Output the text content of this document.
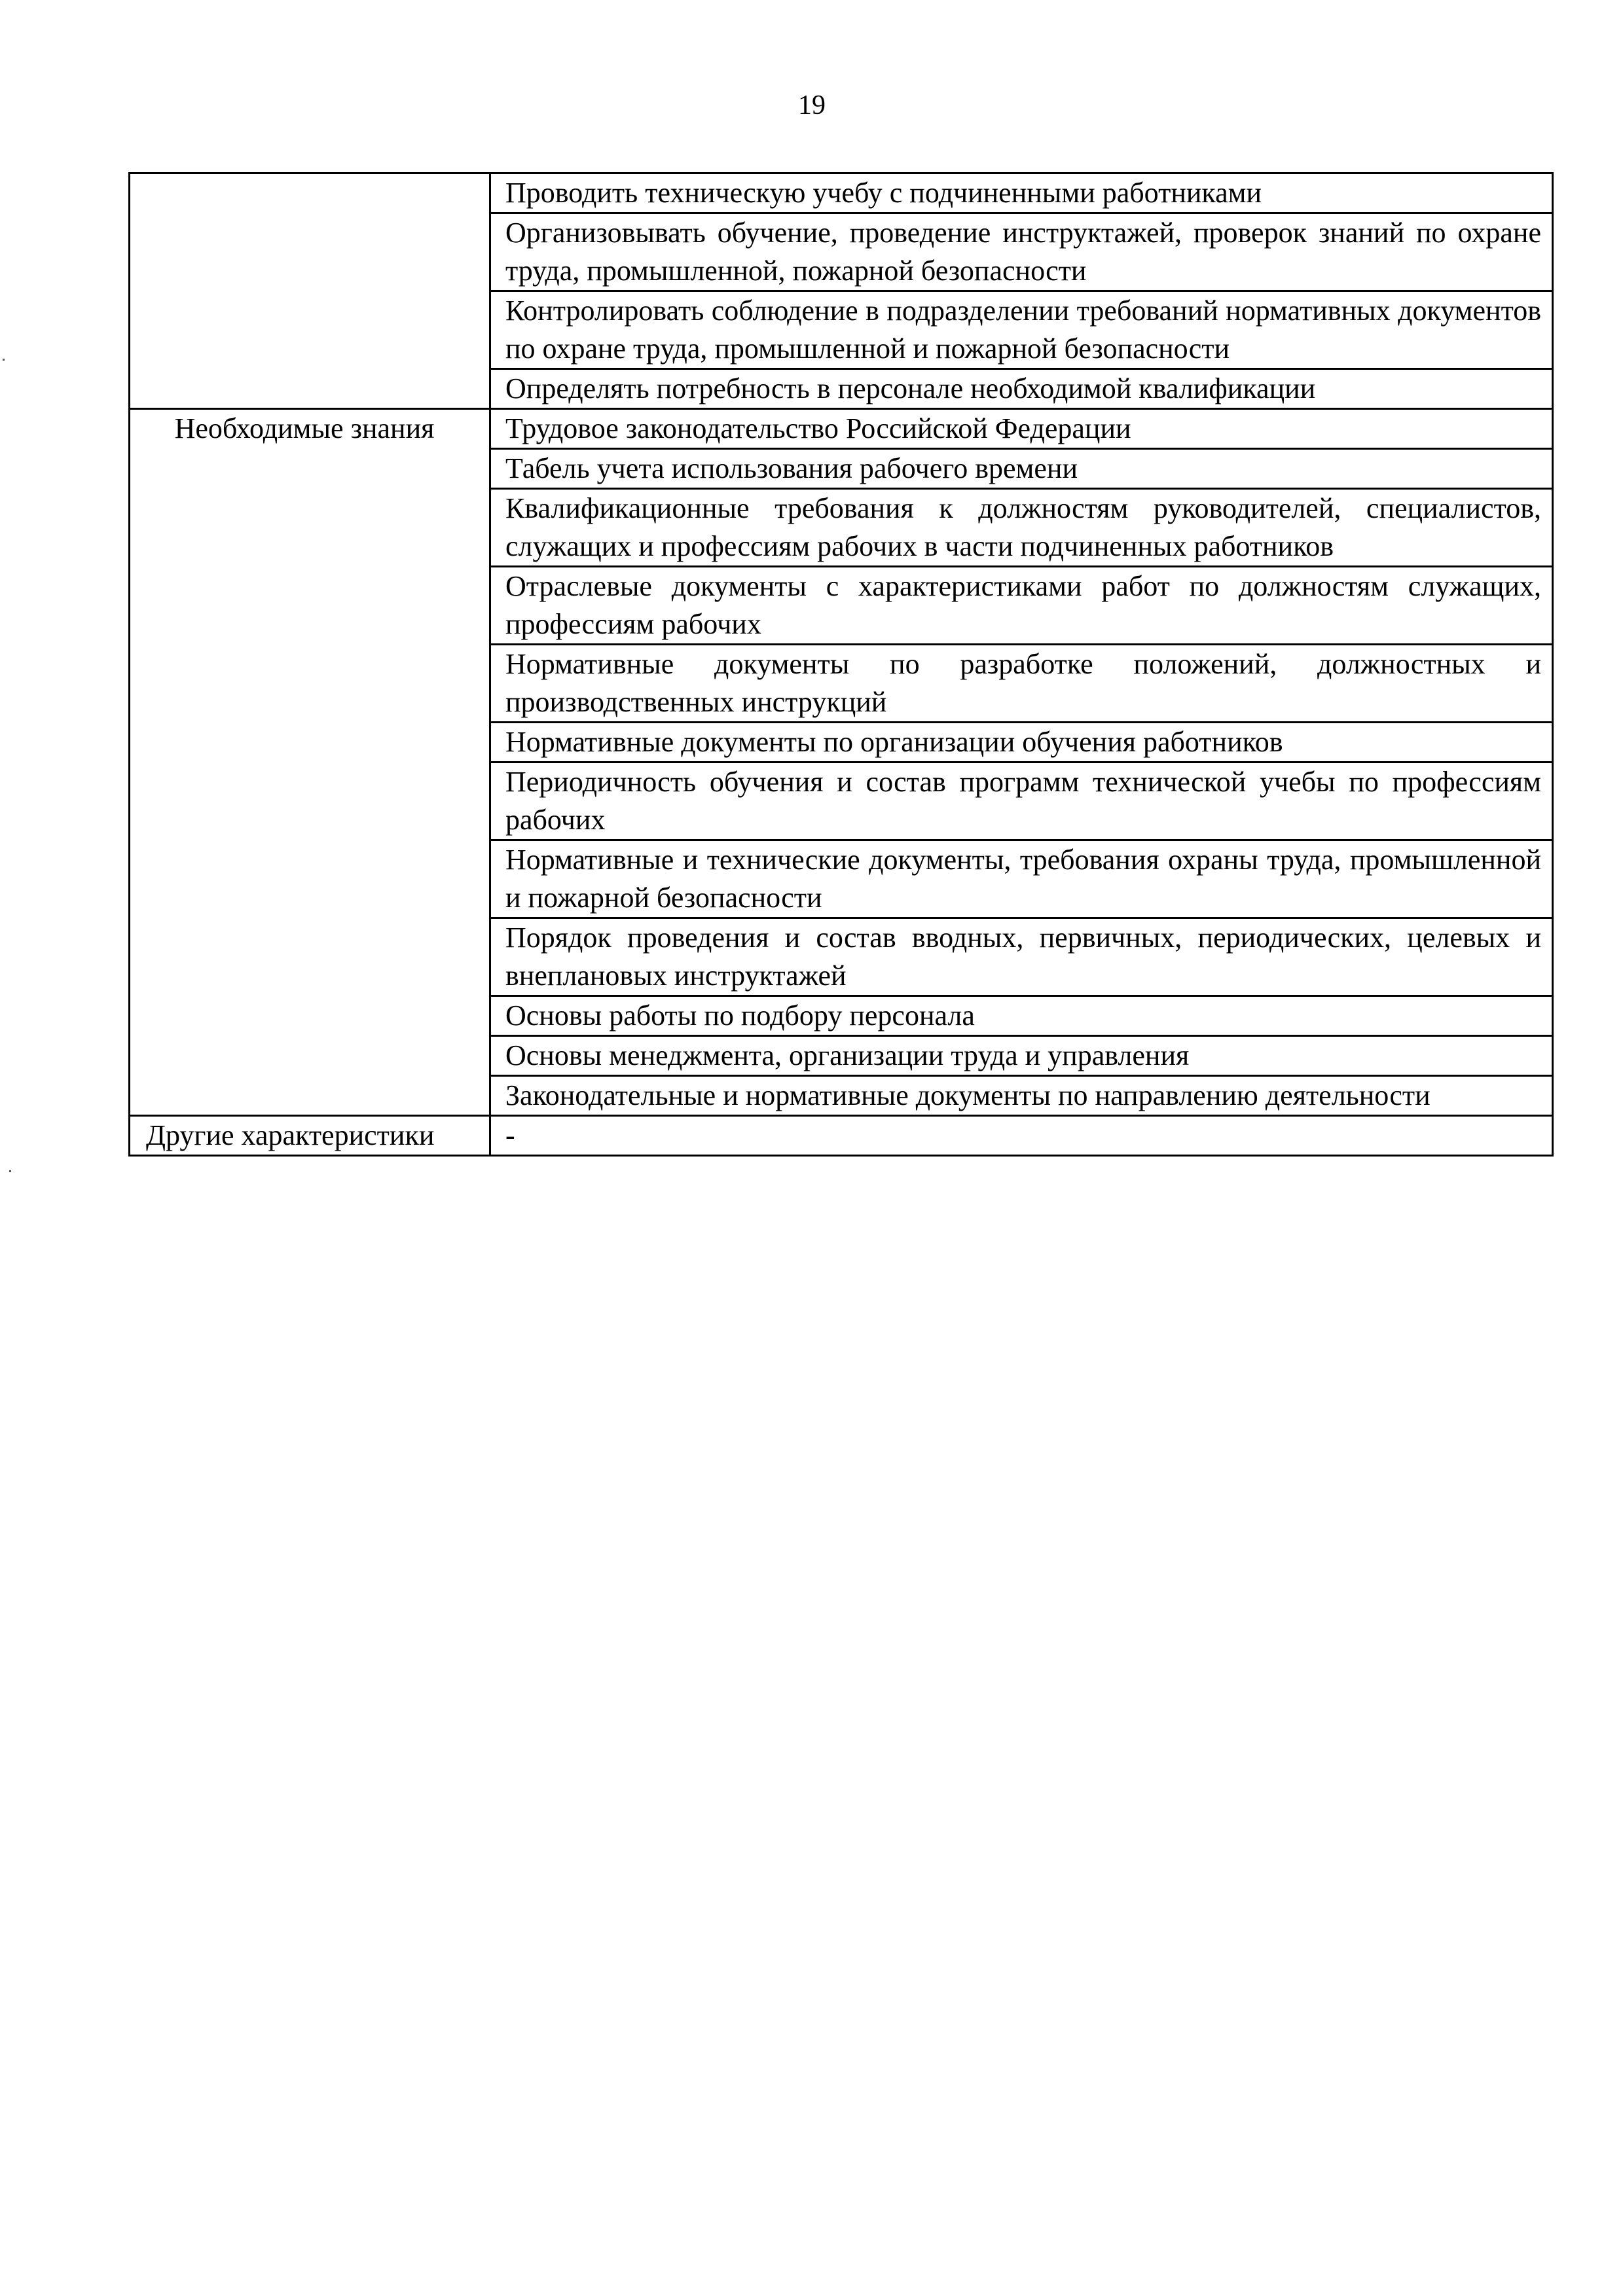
19
	Проводить техническую учебу с подчиненными работниками
	Организовывать обучение, проведение инструктажей, проверок знаний по охране труда, промышленной, пожарной безопасности
	Контролировать соблюдение в подразделении требований нормативных документов по охране труда, промышленной и пожарной безопасности
	Определять потребность в персонале необходимой квалификации
Необходимые знания	Трудовое законодательство Российской Федерации
	Табель учета использования рабочего времени
	Квалификационные требования к должностям руководителей, специалистов, служащих и профессиям рабочих в части подчиненных работников
	Отраслевые документы с характеристиками работ по должностям служащих, профессиям рабочих
	Нормативные документы по разработке положений, должностных и производственных инструкций
	Нормативные документы по организации обучения работников
	Периодичность обучения и состав программ технической учебы по профессиям рабочих
	Нормативные и технические документы, требования охраны труда, промышленной и пожарной безопасности
	Порядок проведения и состав вводных, первичных, периодических, целевых и внеплановых инструктажей
	Основы работы по подбору персонала
	Основы менеджмента, организации труда и управления
	Законодательные и нормативные документы по направлению деятельности
Другие характеристики	-
